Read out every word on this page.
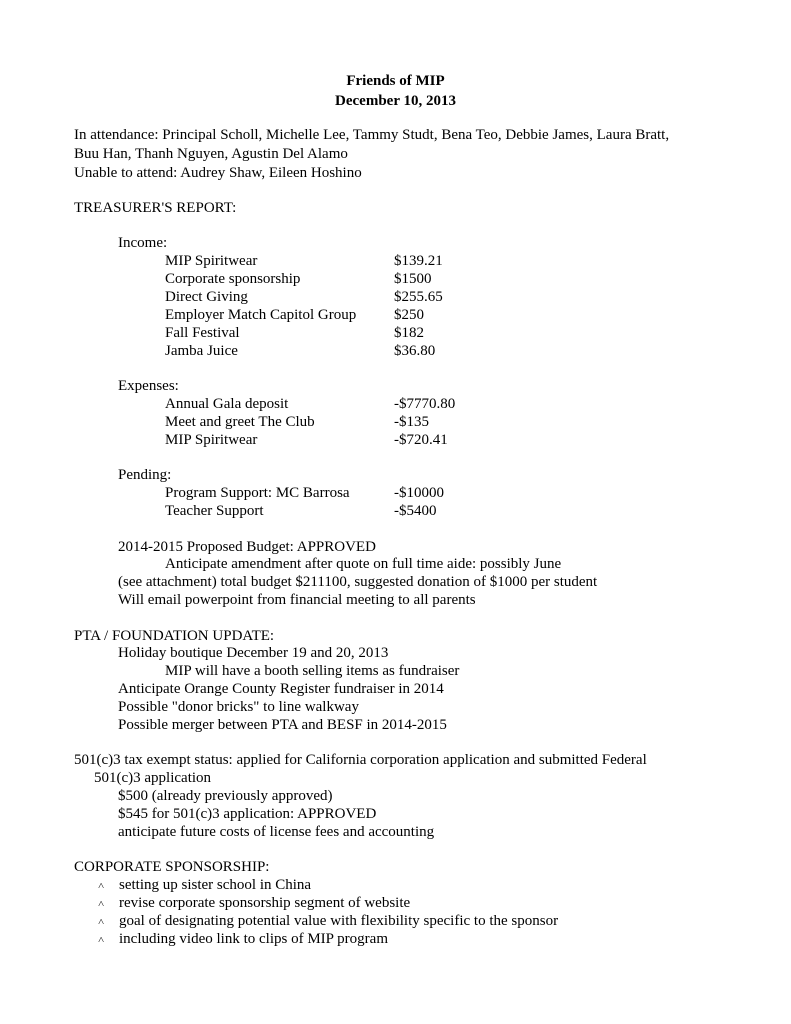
Friends of MIP
December 10, 2013
In attendance: Principal Scholl, Michelle Lee, Tammy Studt, Bena Teo, Debbie James, Laura Bratt,
Buu Han, Thanh Nguyen, Agustin Del Alamo
Unable to attend: Audrey Shaw, Eileen Hoshino
TREASURER'S REPORT:
Income:
MIP Spiritwear	$139.21
Corporate sponsorship	$1500
Direct Giving	$255.65
Employer Match Capitol Group	$250
Fall Festival	$182
Jamba Juice	$36.80
Expenses:
Annual Gala deposit	-$7770.80
Meet and greet The Club	-$135
MIP Spiritwear	-$720.41
Pending:
Program Support: MC Barrosa	-$10000
Teacher Support	-$5400
2014-2015 Proposed Budget: APPROVED
Anticipate amendment after quote on full time aide: possibly June
(see attachment) total budget $211100, suggested donation of $1000 per student
Will email powerpoint from financial meeting to all parents
PTA / FOUNDATION UPDATE:
Holiday boutique December 19 and 20, 2013
MIP will have a booth selling items as fundraiser
Anticipate Orange County Register fundraiser in 2014
Possible "donor bricks" to line walkway
Possible merger between PTA and BESF in 2014-2015
501(c)3 tax exempt status: applied for California corporation application and submitted Federal
501(c)3 application
$500 (already previously approved)
$545 for 501(c)3 application: APPROVED
anticipate future costs of license fees and accounting
CORPORATE SPONSORSHIP:
˄ setting up sister school in China
˄ revise corporate sponsorship segment of website
˄ goal of designating potential value with flexibility specific to the sponsor
˄ including video link to clips of MIP program
